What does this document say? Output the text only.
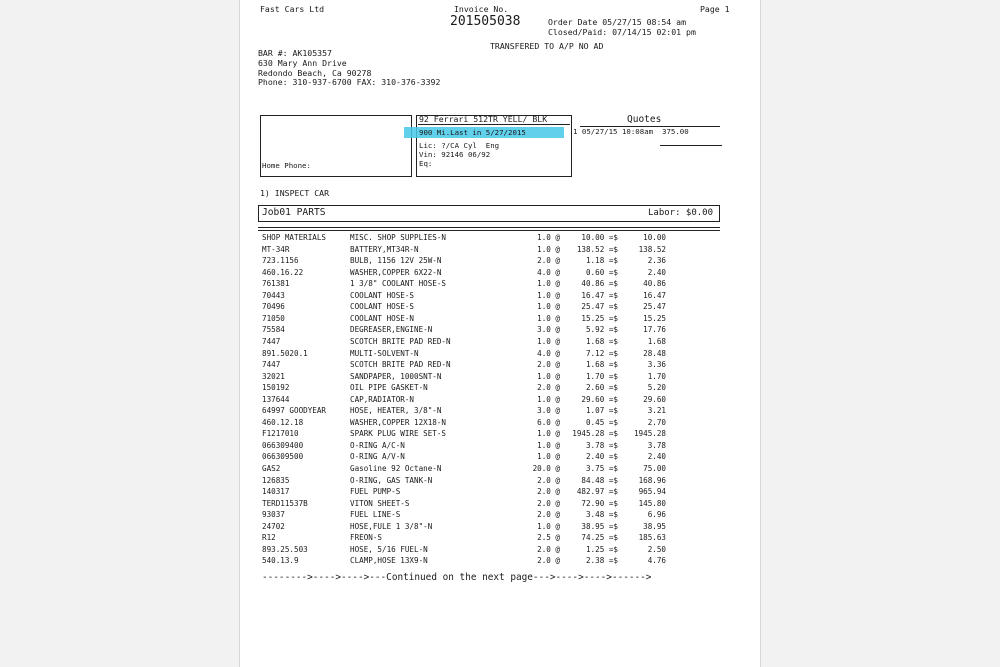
Fast Cars Ltd	Invoice No.	Page 1
201505038	Order Date 05/27/15 08:54 am
Closed/Paid: 07/14/15 02:01 pm
TRANSFERED TO A/P NO AD
BAR #: AK105357
630 Mary Ann Drive
Redondo Beach, Ca 90278
Phone: 310-937-6700 FAX: 310-376-3392
Home Phone:
92 Ferrari 512TR YELL/ BLK
900 Mi.Last in 5/27/2015
Lic: ?/CA Cyl  Eng
Vin: 92146 06/92
Eq:
Quotes
1 05/27/15 10:08am  375.00
1) INSPECT CAR
Job01 PARTS	Labor: $0.00
SHOP MATERIALS	MISC. SHOP SUPPLIES-N	1.0 @	10.00 =$	10.00
MT-34R	BATTERY,MT34R-N	1.0 @	138.52 =$	138.52
723.1156	BULB, 1156 12V 25W-N	2.0 @	1.18 =$	2.36
460.16.22	WASHER,COPPER 6X22-N	4.0 @	0.60 =$	2.40
761381	1 3/8" COOLANT HOSE-S	1.0 @	40.86 =$	40.86
70443	COOLANT HOSE-S	1.0 @	16.47 =$	16.47
70496	COOLANT HOSE-S	1.0 @	25.47 =$	25.47
71050	COOLANT HOSE-N	1.0 @	15.25 =$	15.25
75584	DEGREASER,ENGINE-N	3.0 @	5.92 =$	17.76
7447	SCOTCH BRITE PAD RED-N	1.0 @	1.68 =$	1.68
891.5020.1	MULTI-SOLVENT-N	4.0 @	7.12 =$	28.48
7447	SCOTCH BRITE PAD RED-N	2.0 @	1.68 =$	3.36
32021	SANDPAPER, 1000SNT-N	1.0 @	1.70 =$	1.70
150192	OIL PIPE GASKET-N	2.0 @	2.60 =$	5.20
137644	CAP,RADIATOR-N	1.0 @	29.60 =$	29.60
64997 GOODYEAR	HOSE, HEATER, 3/8"-N	3.0 @	1.07 =$	3.21
460.12.18	WASHER,COPPER 12X18-N	6.0 @	0.45 =$	2.70
F1217010	SPARK PLUG WIRE SET-S	1.0 @	1945.28 =$	1945.28
066309400	O-RING A/C-N	1.0 @	3.78 =$	3.78
066309500	O-RING A/V-N	1.0 @	2.40 =$	2.40
GAS2	Gasoline 92 Octane-N	20.0 @	3.75 =$	75.00
126835	O-RING, GAS TANK-N	2.0 @	84.48 =$	168.96
140317	FUEL PUMP-S	2.0 @	482.97 =$	965.94
TERD11537B	VITON SHEET-S	2.0 @	72.90 =$	145.80
93037	FUEL LINE-S	2.0 @	3.48 =$	6.96
24702	HOSE,FULE 1 3/8"-N	1.0 @	38.95 =$	38.95
R12	FREON-S	2.5 @	74.25 =$	185.63
893.25.503	HOSE, 5/16 FUEL-N	2.0 @	1.25 =$	2.50
540.13.9	CLAMP,HOSE 13X9-N	2.0 @	2.38 =$	4.76
-------->---->---->---Continued on the next page--->---->---->------>
